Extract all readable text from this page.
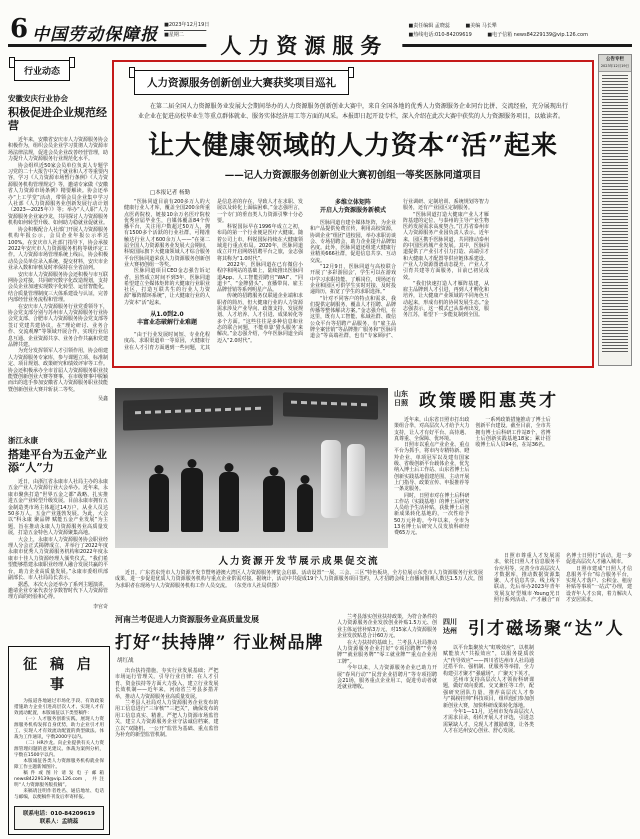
6 中国劳动保障报 ■2023年12月19日
■星期二
■责任编辑 孟晓蕊	■美编 马长犟
■热线电话:010-84209619	■电子信箱 news84229139@vip.126.com
人力资源服务
公告专栏
2023年12月19日
人力资源服务创新创业大赛获奖项目巡礼
在第二届全国人力资源服务业发展大会期间举办的人力资源服务创新创业大赛中，来自全国各地的优秀人力资源服务企业同台比拼、交流经验，充分展现出行业企业在促进高校毕业生等重点群体就业、服务实体经济用工等方面的风采。本报即日起开设专栏，深入介绍在此次大赛中获奖的人力资源服务项目，以飨读者。
让大健康领域的人力资本“活”起来
——记人力资源服务创新创业大赛初创组一等奖医脉同道项目
□本报记者 杨勤

“医脉同道目前有200多万人的大健康行业人才库，覆盖全国200余所重点医药院校，链接10余万名医疗院校优秀应届毕业生，自媒体覆盖84个传播平台，关注用户数超过50万人，拥有1500多个活跃的行业社群，可精准触达行业人才600余万人——”在第二届全国人力资源服务业发展大会期间，科锐国际旗下大健康领域人才综合服务平台医脉同道荣获人力资源服务创新创业大赛初创组一等奖。

医脉同道项目CEO金志强告诉记者，虽然成立时间不到3年，医脉同道希望建立全媒体矩阵的大健康行业职业社区，打造互联共生的行业人力资源“雁阵循环系统”，让大健康行业的人力资本“活”起来。

从1.0到2.0
丰富业态破解行业难题

“由于行业发展时间短、专业化程度高、求职渠道单一等原因，大健康行业在人才引育方面遇到一些问题，尤其是信息差的存在，导致人才在求职、发展以及转化上面临困难。”金志强坦言，一个专门的垂直类人力资源引擎十分必要。

科锐国际早在1996年成立之初，布局的第一个行业便是医疗大健康。随着公司上市，科锐国际持续在大健康领域进行重点布局。2020年，医脉同道成立并开启网络招聘平台之旅，金志强将其称为“1.0时代”。

2022年，医脉同道在已有微信小程序和网站的基础上，陆续推出医脉同道App、人工智能招聘官“WAI”、“同道卡”、“金牌猎头”、直播带岗、雇主品牌营销等系列明星产品。

传统的招聘服务仅联通企业端和求职者的简历，但大健康行业的人力资源需求涉及产业导向、政策支持、发展规划、人才培养、人才引进、成果转化等多个方面。“这些往往是多种信息和业态的联合问题，不能单靠‘猎头服务’来解决。”金志强介绍，今年医脉同道全面迈入“2.0时代”。

多维立体矩阵
开启人力资源服务新模式

医脉同道自建全媒体矩阵，为企业和产品提供免费宣传，利用高校资源，协调企业“组团”进校园，举办求职访谈会、专场招聘会，助力企业提升品牌知名度。此外，医脉同道还组建大健康行业精英666社群，促进信息共享、互动交流。

“12月9日，医脉同道与高校联合开展了‘多彩游园会’，学生可以在游戏中学习求职技能、了解岗位，现场还有企业和园区可供学生实时对接、及时投递简历，拓宽了学生的求职选择。”

“针对不同客户的特点和需求，我们提供定制服务，覆盖人才招聘、品牌传播等整体解决方案。”金志强介绍，在这里，既有人工智能、私域社群、微信公众平台等招聘产品服务，有“雇主品牌全案营销”等品牌推广服务和“医脉同道会”等高端社群，也有“专家顾问”、行业调研、定制培训、系统规划等智力服务，还有产业园区定制服务。

“医脉同道打造大健康产业人才雁阵基建的定位，与泰州的主导产业生物医药发展需求高度契合。”江苏省泰州市人力资源服务产业园负责人表示。近年来，园区携手医脉同道，共同推动泰州的中国医药城产业发展。其中，医脉同道提供了产业引才引力打造、高端引才和大健康人才配置等供应链体系建设、产业人力资源图谱动态提升、产业人才引育共建等方面服务，目前已初见成效。

“我们快速打造人才雁阵基建，从雇主品牌到人才引进，再到人才孵化和培养，让大健康产业领域的不同角色互动起来，形成有机的协同发展生态。”金志强表示，这一模式已从泰州出发，服务江苏，希望下一步能复制到全国。

行业动态
安徽安庆行业协会
积极促进企业规范经营

近年来，安徽省安庆市人力资源服务协会积极作为，组织会员企业学习贯彻人力资源市场法律法规，促进会员企业改善经营管理，助力提升人力资源服务行业规范化水平。

协会组织近50家会员单位负责人专题学习党的二十大报告中关于就业和人才等重要内容，学习《人力资源市场暂行条例》《人力资源服务机构管理规定》等，邀请专家做《安徽省人力资源市场条例》精要解读。协会还举办“上工学堂”活动，带领会员企业集中学习人社部《人力资源服务业创新发展行动计划（2023—2025年）》等；举办“人人职”人力资源服务企业家沙龙，共同探讨人力资源服务机构如何转型升级、如何助力稳就业促就业。

协会积极配合人社部门开展人力资源服务机构年报公示，会员企业年报公示率达100%。在安庆市人社部门指导下，协会承接2022年安庆市人力资源服务机构等级评定工作。人力资源市场管理系统上线后，协会积极动员会员单位录入系统、提交材料，安庆市企业录入数和审核及时率保持在全省前列。

安庆市人力资源服务协会还积极与市互联网协会对接，共同研究数字化改造规划，支持会员企业加速实现数字化转型、运营智能化，结合质量管理制度三大体系建设与认证，完善内部经营业务流程和管理。

在安庆市人力资源服务行业党委领导下，协会党支部分别与苏州市人力资源服务行业协会党支部、合肥市人力资源服务协会党支部等签订党建共建协议，在“理论研讨、业务合作、交流观摩”等领域开展合作，实现行业信息互通、企业资源共享、业务合作共赢和党建品牌共建。

为充分发挥领军人才引领作用，协会组建人力资源服务专家库，参与课题立项、标准制定、项目规划、政策研究和绩效评审等工作。协会还积极承办全市首届人力资源服务职业技能暨创新创业大赛等赛事，在市级赛事中脱颖而出的选手参加安徽省人力资源服务职业技能暨创新创业大赛并斩获二等奖。

吴鑫
浙江永康
搭建平台为五金产业添“人”力

近日，由浙江省永康市人社局主办的永康五金产业人力资源行业大会举办。近年来，永康市聚焦打造“世界五金之都”战略，扎实推进五金产业转型升级发展。目前永康市拥有五金制造类市场主体超过14万户，从业人员达50多万人，五金产业蓬勃发展。为此，大会以“科永康 聚品牌 赋能五金产业发展”为主题，旨在推动永康人力资源服务业高质量发展，打造五金特色人力资源聚集高地。

大会上，永康市人力资源服务协会职业经理人分会正式揭牌成立，并举行了2022年度永康市优秀人力资源服务机构和2022年度永康市十佳人力资源经理人颁奖仪式。“我们希望能够搭建永康职业经理人融合发展共赢的平台，助力企业高质量发展。”永康市委组织部副部长、市人社局局长表示。

据悉，本次大会还举办了系列主题演讲，邀请企业专家代表分享数智时代下人力资源管理方面的经验和心得。

李官奇
征 稿 启 事

为报道各地通过市场化手段、有效政策措施助力企业引进高层次人才、实现人才有效流动配置，本版诚征以下类型稿件：

（一）人才服务创新实践。展现人力资源服务机构发挥自身优势，助力企业引才用工、实现人才有效流动配置的典型做法。体裁为工作通讯，字数2000字以内。

（二）HR沙龙。向企业提供有关人力资源管理问题的意见建议。体裁为案例分析，字数在1500字以内。

本版诚征各类人力资源服务机构就业保障工作主题新闻图片。

稿件或图片请发电子邮箱news84229139@vip.126.com，并注明“人力资源服务版投稿”。

来稿请注明作者姓名、通信地址、电话与邮编，以便稿件刊发后奉寄样报。

联系电话：010-84209619
联系人：孟晓蕊
人力资源开发节展示成果促交流
近日，广东省东莞市人力资源开发节暨粤港澳大湾区人力资源服务博览会启幕。活动设置“一展、三会、三区”特色板块，全方位展示东莞市人力资源服务行业发展成果，进一步促进优质人力资源服务机构与重点企业供需对接。据统计，活动中共促成19个人力资源服务项目签约，人才招聘会线上直播间围观人数达1.5万人次。图为求职者在现场与人力资源服务机构工作人员交流。 （东莞市人社局供图）
山东
日照 政策暖阳惠英才

近年来，山东省日照市打出政策组合拳，对高层次人才给予大力支持，让人才有好平台、高待遇、真尊重、全保障、优环境。

日照市以重点产业企业、重点平台为抓手，将市内专精特新、瞪羚企业、单项冠军以及建有国家级、省级创新平台载体企业，优先纳入博士后工作站、山东省博士后创新实践基地倡建范围，主动开展上门指导、政策宣传、申报推荐等一条龙服务。

同时，日照市对在博士后科研工作站（实践基地）的博士后研究人员给予生活补贴，获批博士后创新成果转化基地的，一次性给予50万元补助。今年以来，全市为13名博士后研究人员发放科研经费65万元。

一系列政策措施推动了博士后创新平台建设。截至目前，全市共拥有博士后科研工作站8个，省博士后创新实践基地18家；累计招收博士后人员94名，在站36名。

日照市尊重人才发展需求，依托日照人才信息服务平台应用等，完善全市高层次人才数据库，推动数据资源集聚、人才信息共享、线上线下联动。先后举办2023年青年发展友好型城市·Young光日照行系列活动、产才融合“百名博士日照行”活动，进一步促进高层次人才融入城市。

日照市建成“日照人才信息服务平台”综合服务平台，实现人才落户、公积金、租房补贴等事项“一站式”办理，建设青年人才公寓，着力解决人才安居需求。

河南兰考促进人力资源服务业高质量发展
打好“扶持牌” 行业树品牌
胡红战

出台扶持措施，夯实行业发展基础；严把市场运行管理关，引导行业自律；在人才引育、资金扶持等方面大力投入，建立行业发展长效机制——近年来，河南省兰考县多措并举，推动人力资源服务业高质量发展。

兰考县人社局对人力资源服务企业发布的用工信息进行“三审核”“三把关”，确保发布的用工信息真实、精准。严把人力资源市场监管关，建立人力资源服务企业守法诚信档案，建立以“双随机、一公开”监管为基础、重点监管为补充的新型监管机制。

兰考县落实创业扶持政策，为符合条件的人力资源服务企业发放创业补贴1.5万元、创业主体运营补贴3万元，对15家人力资源服务企业发放贴息合计60万元。

在大力扶持的基础上，兰考县人社局推动人力资源服务企业打好“专项招聘牌”“劳务牌”“就业服务牌”“零工就业牌”“重点企业用工牌”。

今年以来，人力资源服务企业已助力开展“春风行动”“民营企业招聘月”等专项招聘会21场，服务重点企业用工，促进劳动者就近就业增收。

四川
达州 引才磁场聚“达”人

以平台集聚放大“虹吸效应”，以机制赋能放大“共振效应”，以服务提质放大“传导效应”——四川省达州市人社局通过搭平台、强机制、优服务等举措，全力构建引才聚才“强磁场”，广聚天下英才。

达州市支持高层次人才领衔科研课题，做好双向委派、交叉兼任等工作，配强研究团队力量，推荐高层次人才参与“揭榜挂帅”科技项目，组织他们参加创新创业大赛，加快科研成果转化落地。

今年1—11月，达州市发布高层次人才需求目录，组织开展人才评选，引进急需紧缺人才，兑现人才激励政策，让各类人才在达州安心创业、舒心发展。
